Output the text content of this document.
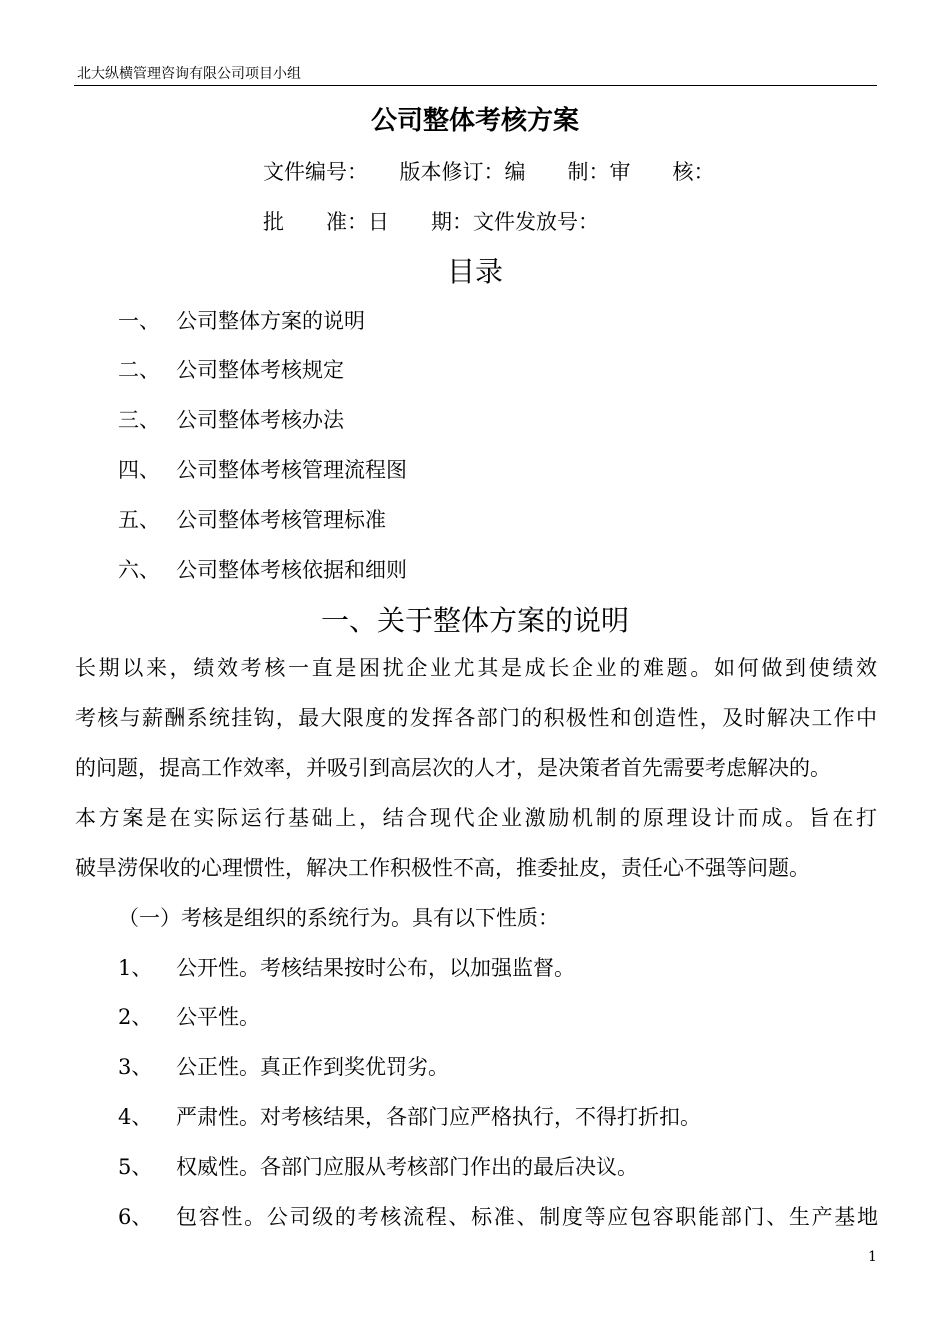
北大纵横管理咨询有限公司项目小组
公司整体考核方案
文件编号：　　版本修订：编　　制：审　　核：
批　　准：日　　期：文件发放号：
目录
一、 公司整体方案的说明
二、 公司整体考核规定
三、 公司整体考核办法
四、 公司整体考核管理流程图
五、 公司整体考核管理标准
六、 公司整体考核依据和细则
一、关于整体方案的说明
长期以来，绩效考核一直是困扰企业尤其是成长企业的难题。如何做到使绩效
考核与薪酬系统挂钩，最大限度的发挥各部门的积极性和创造性，及时解决工作中
的问题，提高工作效率，并吸引到高层次的人才，是决策者首先需要考虑解决的。
本方案是在实际运行基础上，结合现代企业激励机制的原理设计而成。旨在打
破旱涝保收的心理惯性，解决工作积极性不高，推委扯皮，责任心不强等问题。
（一）考核是组织的系统行为。具有以下性质：
1、 公开性。考核结果按时公布，以加强监督。
2、 公平性。
3、 公正性。真正作到奖优罚劣。
4、 严肃性。对考核结果，各部门应严格执行，不得打折扣。
5、 权威性。各部门应服从考核部门作出的最后决议。
6、 包容性。公司级的考核流程、标准、制度等应包容职能部门、生产基地
1
